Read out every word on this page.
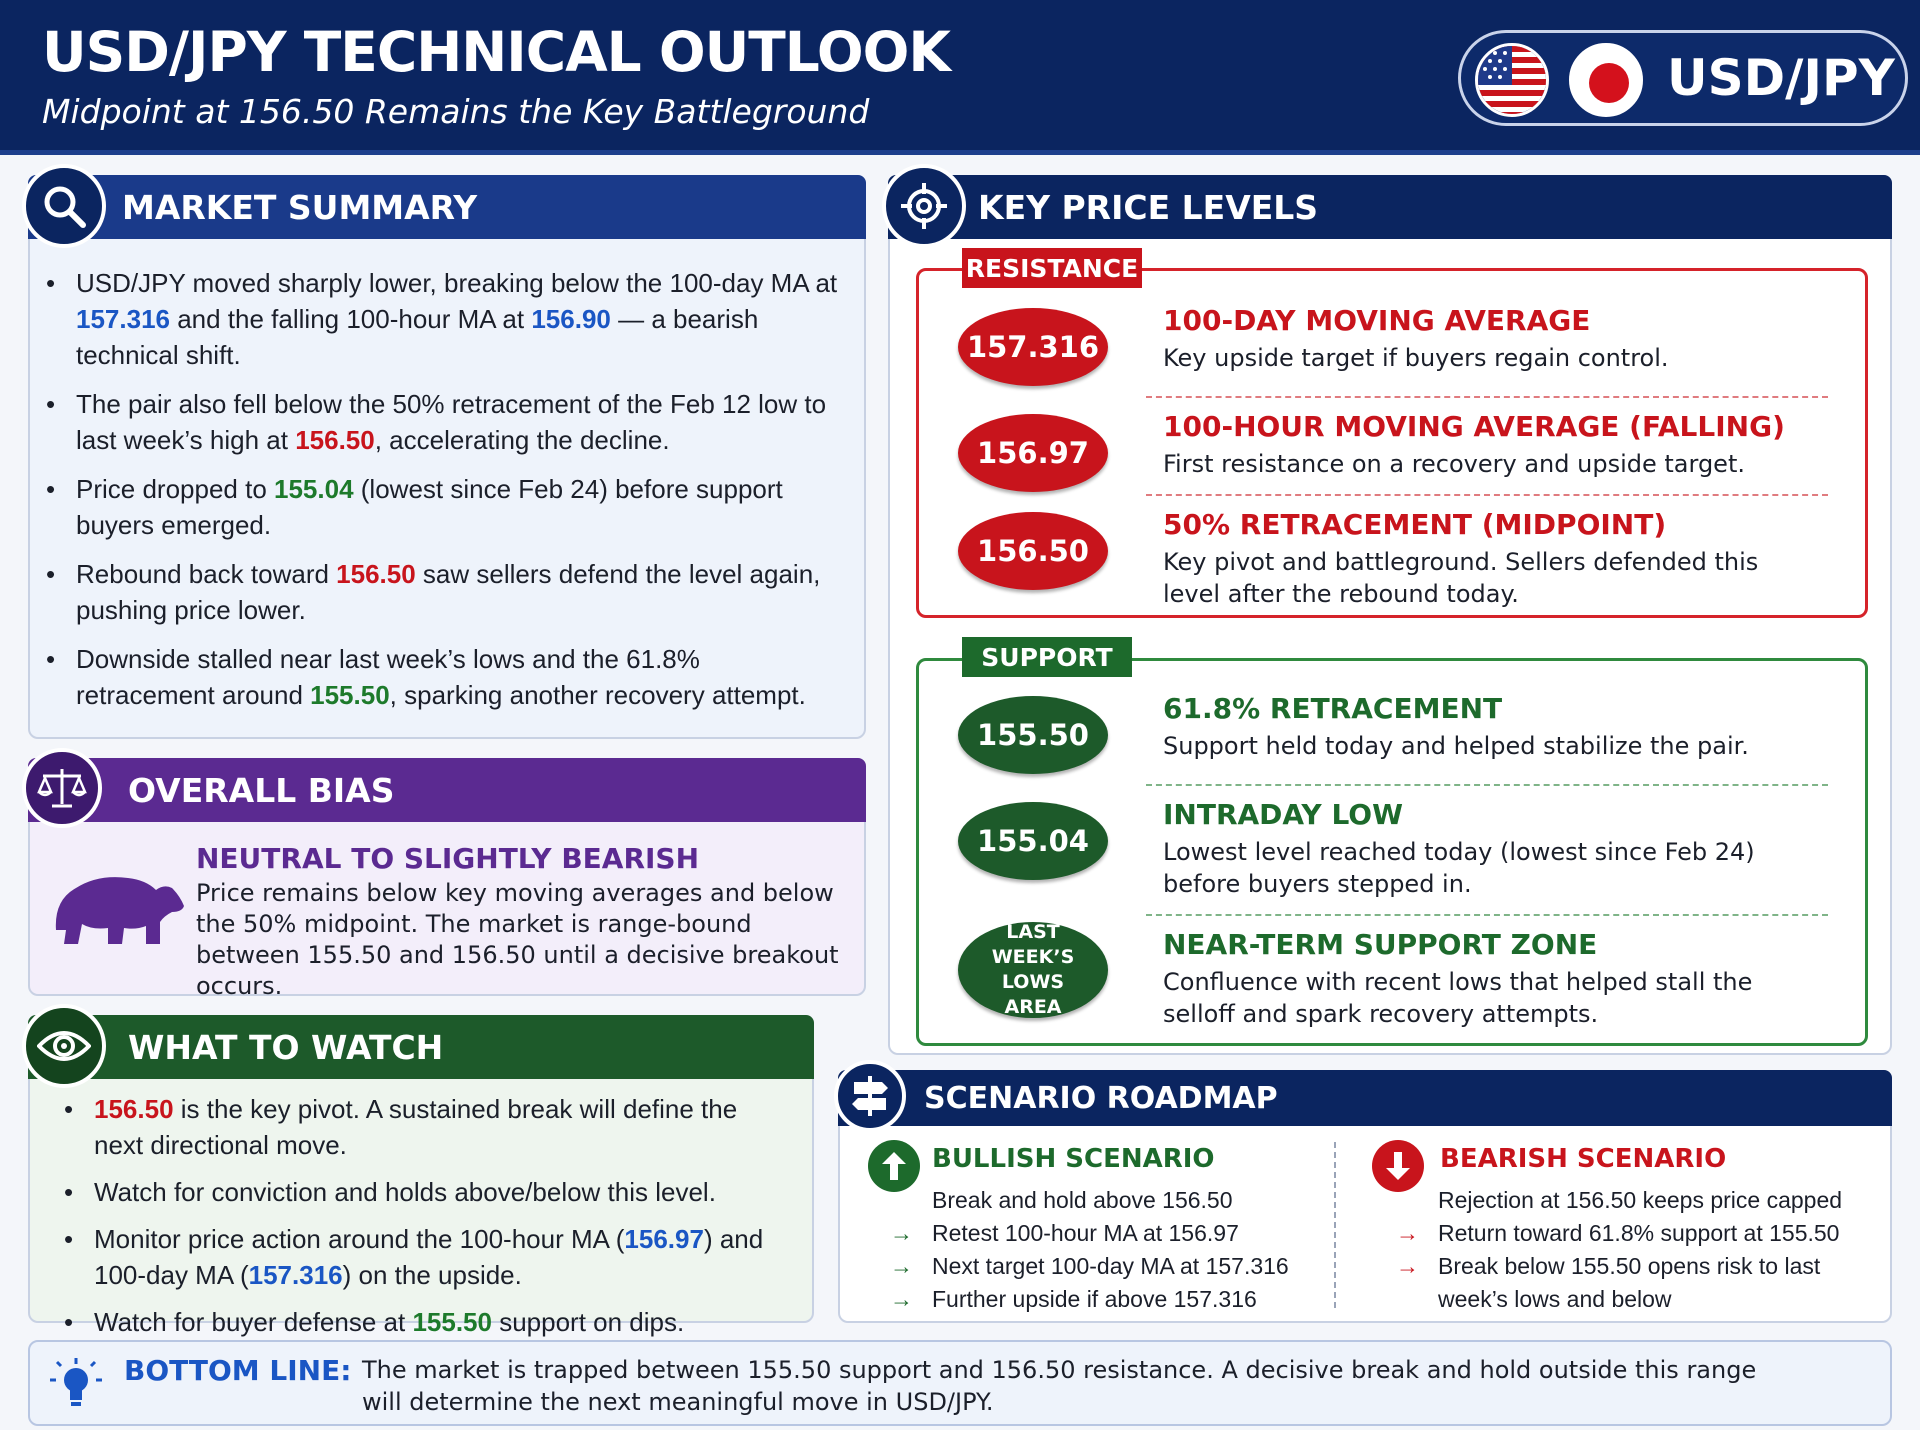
USD/JPY TECHNICAL OUTLOOK
Midpoint at 156.50 Remains the Key Battleground
USD/JPY
MARKET SUMMARY
• USD/JPY moved sharply lower, breaking below the 100-day MA at 157.316 and the falling 100-hour MA at 156.90 — a bearish technical shift.
• The pair also fell below the 50% retracement of the Feb 12 low to last week’s high at 156.50, accelerating the decline.
• Price dropped to 155.04 (lowest since Feb 24) before support buyers emerged.
• Rebound back toward 156.50 saw sellers defend the level again, pushing price lower.
• Downside stalled near last week’s lows and the 61.8% retracement around 155.50, sparking another recovery attempt.
OVERALL BIAS
NEUTRAL TO SLIGHTLY BEARISH
Price remains below key moving averages and below the 50% midpoint. The market is range-bound between 155.50 and 156.50 until a decisive breakout occurs.
WHAT TO WATCH
• 156.50 is the key pivot. A sustained break will define the next directional move.
• Watch for conviction and holds above/below this level.
• Monitor price action around the 100-hour MA (156.97) and 100-day MA (157.316) on the upside.
• Watch for buyer defense at 155.50 support on dips.
KEY PRICE LEVELS
RESISTANCE
157.316
100-DAY MOVING AVERAGE
Key upside target if buyers regain control.
156.97
100-HOUR MOVING AVERAGE (FALLING)
First resistance on a recovery and upside target.
156.50
50% RETRACEMENT (MIDPOINT)
Key pivot and battleground. Sellers defended this level after the rebound today.
SUPPORT
155.50
61.8% RETRACEMENT
Support held today and helped stabilize the pair.
155.04
INTRADAY LOW
Lowest level reached today (lowest since Feb 24) before buyers stepped in.
LAST WEEK’S LOWS AREA
NEAR-TERM SUPPORT ZONE
Confluence with recent lows that helped stall the selloff and spark recovery attempts.
SCENARIO ROADMAP
BULLISH SCENARIO
Break and hold above 156.50
→ Retest 100-hour MA at 156.97
→ Next target 100-day MA at 157.316
→ Further upside if above 157.316
BEARISH SCENARIO
Rejection at 156.50 keeps price capped
→ Return toward 61.8% support at 155.50
→ Break below 155.50 opens risk to last week’s lows and below
BOTTOM LINE: The market is trapped between 155.50 support and 156.50 resistance. A decisive break and hold outside this range will determine the next meaningful move in USD/JPY.
